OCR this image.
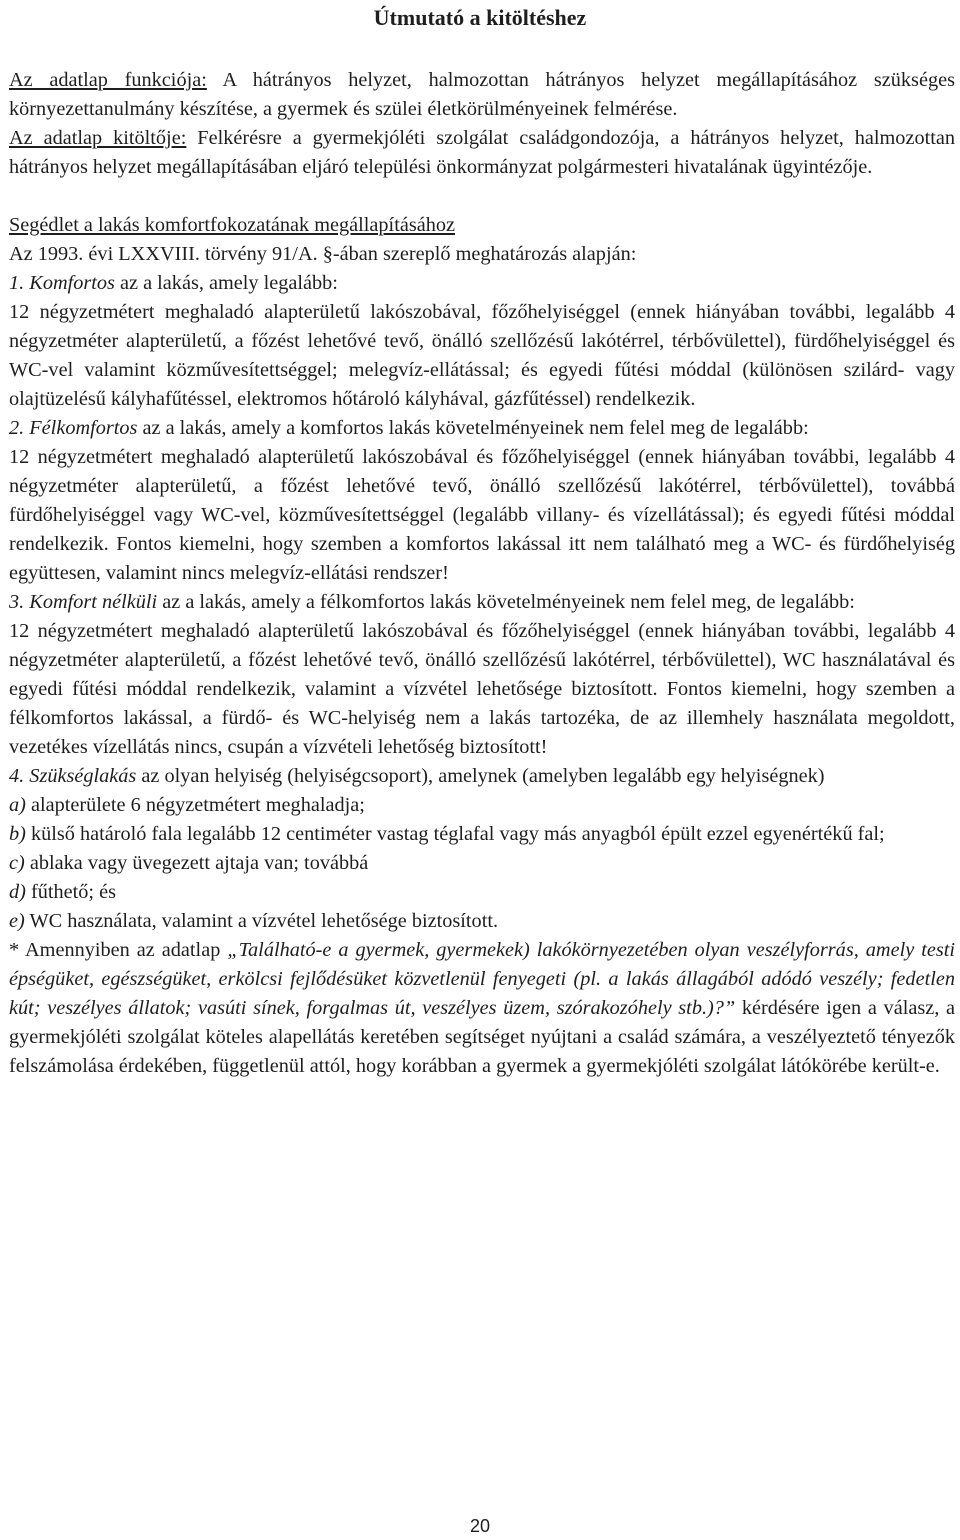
Útmutató a kitöltéshez

Az adatlap funkciója: A hátrányos helyzet, halmozottan hátrányos helyzet megállapításához szükséges környezettanulmány készítése, a gyermek és szülei életkörülményeinek felmérése.

Az adatlap kitöltője: Felkérésre a gyermekjóléti szolgálat családgondozója, a hátrányos helyzet, halmozottan hátrányos helyzet megállapításában eljáró települési önkormányzat polgármesteri hivatalának ügyintézője.

Segédlet a lakás komfortfokozatának megállapításához

Az 1993. évi LXXVIII. törvény 91/A. §-ában szereplő meghatározás alapján:

1. Komfortos az a lakás, amely legalább:

12 négyzetmétert meghaladó alapterületű lakószobával, főzőhelyiséggel (ennek hiányában további, legalább 4 négyzetméter alapterületű, a főzést lehetővé tevő, önálló szellőzésű lakótérrel, térbővülettel), fürdőhelyiséggel és WC-vel valamint közművesítettséggel; melegvíz-ellátással; és egyedi fűtési móddal (különösen szilárd- vagy olajtüzelésű kályhafűtéssel, elektromos hőtároló kályhával, gázfűtéssel) rendelkezik.

2. Félkomfortos az a lakás, amely a komfortos lakás követelményeinek nem felel meg de legalább:

12 négyzetmétert meghaladó alapterületű lakószobával és főzőhelyiséggel (ennek hiányában további, legalább 4 négyzetméter alapterületű, a főzést lehetővé tevő, önálló szellőzésű lakótérrel, térbővülettel), továbbá fürdőhelyiséggel vagy WC-vel, közművesítettséggel (legalább villany- és vízellátással); és egyedi fűtési móddal rendelkezik. Fontos kiemelni, hogy szemben a komfortos lakással itt nem található meg a WC- és fürdőhelyiség együttesen, valamint nincs melegvíz-ellátási rendszer!

3. Komfort nélküli az a lakás, amely a félkomfortos lakás követelményeinek nem felel meg, de legalább:

12 négyzetmétert meghaladó alapterületű lakószobával és főzőhelyiséggel (ennek hiányában további, legalább 4 négyzetméter alapterületű, a főzést lehetővé tevő, önálló szellőzésű lakótérrel, térbővülettel), WC használatával és egyedi fűtési móddal rendelkezik, valamint a vízvétel lehetősége biztosított. Fontos kiemelni, hogy szemben a félkomfortos lakással, a fürdő- és WC-helyiség nem a lakás tartozéka, de az illemhely használata megoldott, vezetékes vízellátás nincs, csupán a vízvételi lehetőség biztosított!

4. Szükséglakás az olyan helyiség (helyiségcsoport), amelynek (amelyben legalább egy helyiségnek)

a) alapterülete 6 négyzetmétert meghaladja;

b) külső határoló fala legalább 12 centiméter vastag téglafal vagy más anyagból épült ezzel egyenértékű fal;

c) ablaka vagy üvegezett ajtaja van; továbbá

d) fűthető; és

e) WC használata, valamint a vízvétel lehetősége biztosított.

* Amennyiben az adatlap „Található-e a gyermek, gyermekek) lakókörnyezetében olyan veszélyforrás, amely testi épségüket, egészségüket, erkölcsi fejlődésüket közvetlenül fenyegeti (pl. a lakás állagából adódó veszély; fedetlen kút; veszélyes állatok; vasúti sínek, forgalmas út, veszélyes üzem, szórakozóhely stb.)?” kérdésére igen a válasz, a gyermekjóléti szolgálat köteles alapellátás keretében segítséget nyújtani a család számára, a veszélyeztető tényezők felszámolása érdekében, függetlenül attól, hogy korábban a gyermek a gyermekjóléti szolgálat látókörébe került-e.

20
